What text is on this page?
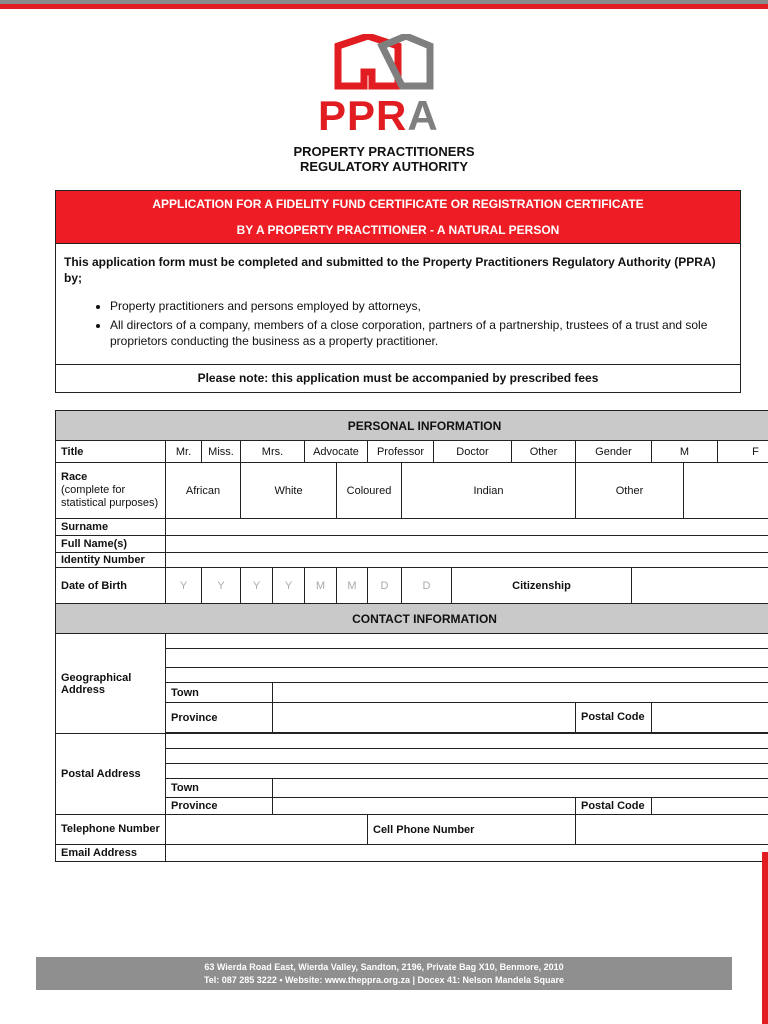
PPRA
PROPERTY PRACTITIONERS
REGULATORY AUTHORITY
APPLICATION FOR A FIDELITY FUND CERTIFICATE OR REGISTRATION CERTIFICATE
BY A PROPERTY PRACTITIONER - A NATURAL PERSON
This application form must be completed and submitted to the Property Practitioners Regulatory Authority (PPRA) by;
• Property practitioners and persons employed by attorneys,
• All directors of a company, members of a close corporation, partners of a partnership, trustees of a trust and sole proprietors conducting the business as a property practitioner.
Please note: this application must be accompanied by prescribed fees
PERSONAL INFORMATION																	
Title	Mr.	Miss.	Mrs.		Advocate		Professor		Doctor		Other	Gender		M		F	
Race
(complete for statistical purposes)	African		White			Coloured		Indian				Other					
Surname																	
Full Name(s)																	
Identity Number																	
Date of Birth	Y	Y	Y	Y	M	M	D	D		Citizenship							
CONTACT INFORMATION																	
Geographical Address																	

	Town																
	Province											Postal Code					

Postal Address																	

	Town																
	Province											Postal Code					
Telephone Number							Cell Phone Number										
Email Address																	
63 Wierda Road East, Wierda Valley, Sandton, 2196, Private Bag X10, Benmore, 2010
Tel: 087 285 3222 • Website: www.theppra.org.za | Docex 41: Nelson Mandela Square
